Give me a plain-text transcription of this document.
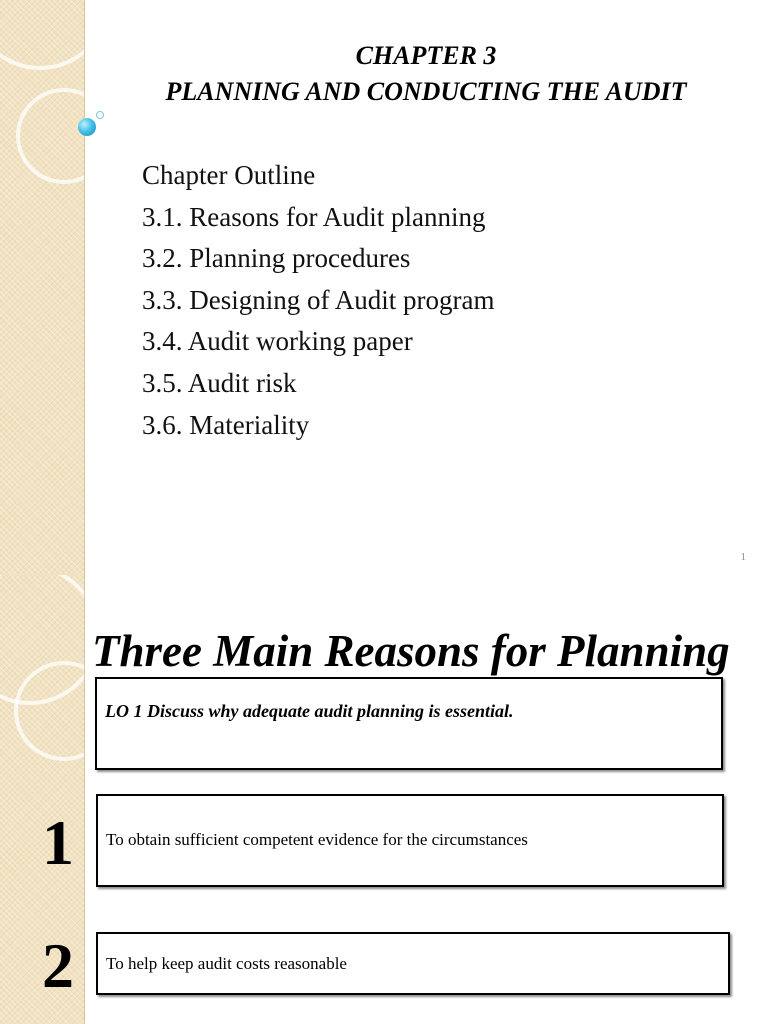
CHAPTER 3
PLANNING AND CONDUCTING THE AUDIT
Chapter Outline
3.1. Reasons for Audit planning
3.2. Planning procedures
3.3. Designing of Audit program
3.4. Audit working paper
3.5. Audit risk
3.6. Materiality
1
Three Main Reasons for Planning
LO 1 Discuss why adequate audit planning is essential.
1 To obtain sufficient competent evidence for the circumstances
2 To help keep audit costs reasonable
